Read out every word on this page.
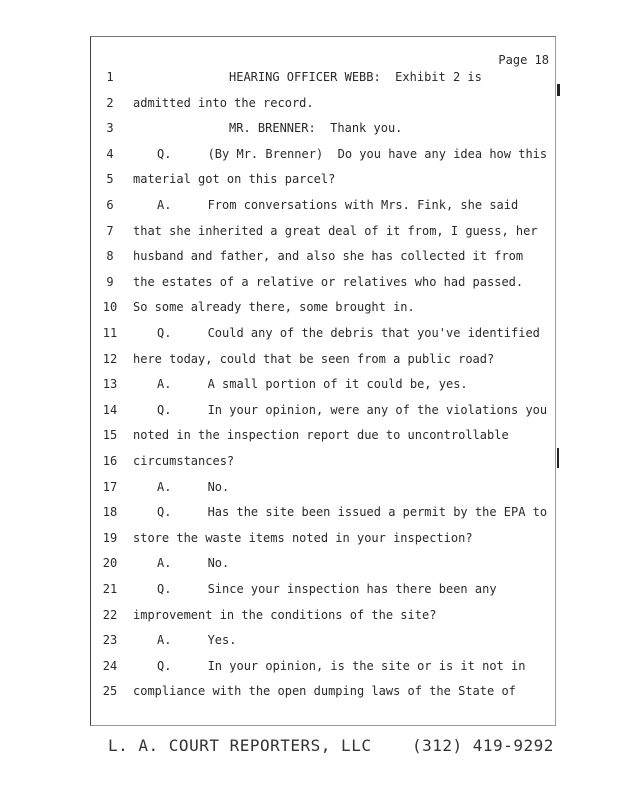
Page 18
1	HEARING OFFICER WEBB:  Exhibit 2 is
2	admitted into the record.
3	MR. BRENNER:  Thank you.
4	Q.     (By Mr. Brenner)  Do you have any idea how this
5	material got on this parcel?
6	A.     From conversations with Mrs. Fink, she said
7	that she inherited a great deal of it from, I guess, her
8	husband and father, and also she has collected it from
9	the estates of a relative or relatives who had passed.
10	So some already there, some brought in.
11	Q.     Could any of the debris that you've identified
12	here today, could that be seen from a public road?
13	A.     A small portion of it could be, yes.
14	Q.     In your opinion, were any of the violations you
15	noted in the inspection report due to uncontrollable
16	circumstances?
17	A.     No.
18	Q.     Has the site been issued a permit by the EPA to
19	store the waste items noted in your inspection?
20	A.     No.
21	Q.     Since your inspection has there been any
22	improvement in the conditions of the site?
23	A.     Yes.
24	Q.     In your opinion, is the site or is it not in
25	compliance with the open dumping laws of the State of
L. A. COURT REPORTERS, LLC    (312) 419-9292
